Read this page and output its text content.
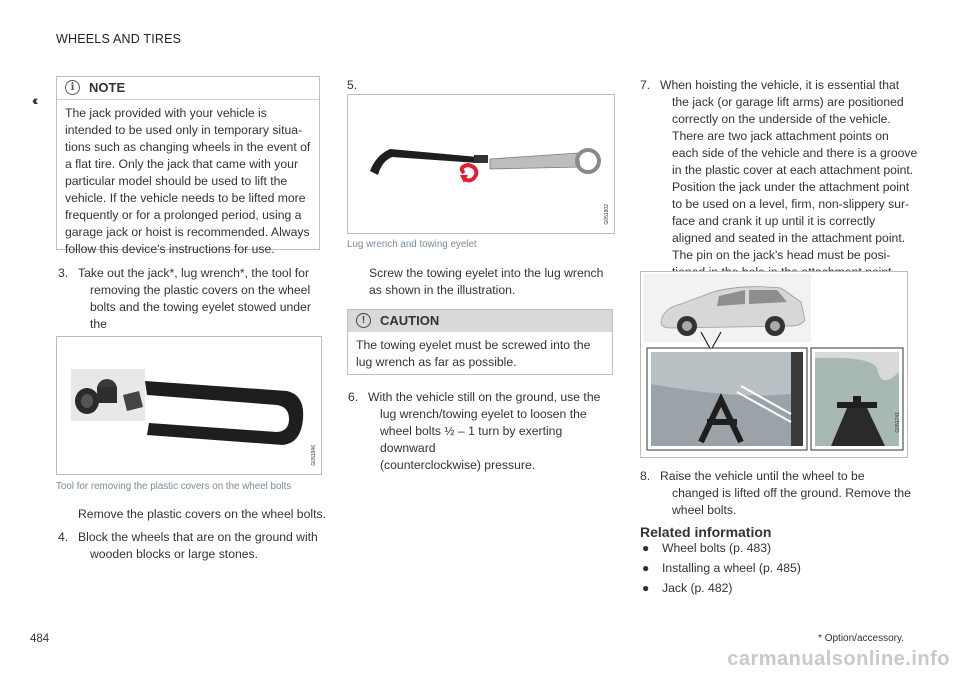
WHEELS AND TIRES
‹‹
i	NOTE
The jack provided with your vehicle is
intended to be used only in temporary situa-
tions such as changing wheels in the event of
a flat tire. Only the jack that came with your
particular model should be used to lift the
vehicle. If the vehicle needs to be lifted more
frequently or for a prolonged period, using a
garage jack or hoist is recommended. Always
follow this device's instructions for use.
3. Take out the jack*, lug wrench*, the tool for
removing the plastic covers on the wheel
bolts and the towing eyelet stowed under the
G051946
Tool for removing the plastic covers on the wheel bolts
Remove the plastic covers on the wheel bolts.
4. Block the wheels that are on the ground with
wooden blocks or large stones.
5.
G051902
Lug wrench and towing eyelet
Screw the towing eyelet into the lug wrench
as shown in the illustration.
!	CAUTION
The towing eyelet must be screwed into the
lug wrench as far as possible.
6. With the vehicle still on the ground, use the
lug wrench/towing eyelet to loosen the
wheel bolts ½ – 1 turn by exerting downward
(counterclockwise) pressure.
7. When hoisting the vehicle, it is essential that
the jack (or garage lift arms) are positioned
correctly on the underside of the vehicle.
There are two jack attachment points on
each side of the vehicle and there is a groove
in the plastic cover at each attachment point.
Position the jack under the attachment point
to be used on a level, firm, non-slippery sur-
face and crank it up until it is correctly
aligned and seated in the attachment point.
The pin on the jack's head must be posi-
G051741
8. Raise the vehicle until the wheel to be
changed is lifted off the ground. Remove the
wheel bolts.
Related information
● Wheel bolts (p. 483)
● Installing a wheel (p. 485)
● Jack (p. 482)
484	* Option/accessory.
carmanualsonline.info
